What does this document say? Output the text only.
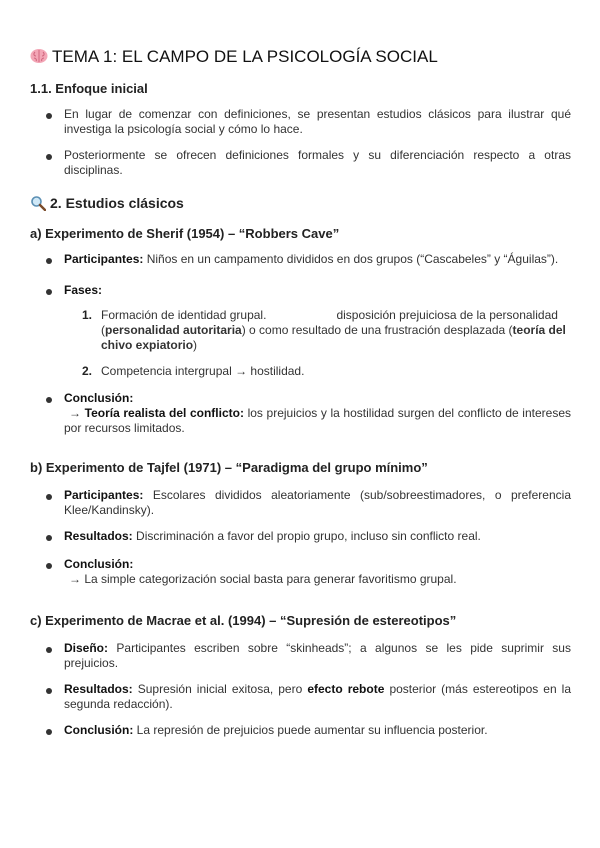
TEMA 1: EL CAMPO DE LA PSICOLOGÍA SOCIAL
1.1. Enfoque inicial
En lugar de comenzar con definiciones, se presentan estudios clásicos para ilustrar qué investiga la psicología social y cómo lo hace.
Posteriormente se ofrecen definiciones formales y su diferenciación respecto a otras disciplinas.
2. Estudios clásicos
a) Experimento de Sherif (1954) – “Robbers Cave”
Participantes: Niños en un campamento divididos en dos grupos (“Cascabeles” y “Águilas”).
Fases:
1. Formación de identidad grupal.	disposición prejuiciosa de la personalidad (personalidad autoritaria) o como resultado de una frustración desplazada (teoría del chivo expiatorio)
2. Competencia intergrupal → hostilidad.
Conclusión:
→ Teoría realista del conflicto: los prejuicios y la hostilidad surgen del conflicto de intereses por recursos limitados.
b) Experimento de Tajfel (1971) – “Paradigma del grupo mínimo”
Participantes: Escolares divididos aleatoriamente (sub/sobreestimadores, o preferencia Klee/Kandinsky).
Resultados: Discriminación a favor del propio grupo, incluso sin conflicto real.
Conclusión:
→ La simple categorización social basta para generar favoritismo grupal.
c) Experimento de Macrae et al. (1994) – “Supresión de estereotipos”
Diseño: Participantes escriben sobre “skinheads”; a algunos se les pide suprimir sus prejuicios.
Resultados: Supresión inicial exitosa, pero efecto rebote posterior (más estereotipos en la segunda redacción).
Conclusión: La represión de prejuicios puede aumentar su influencia posterior.
